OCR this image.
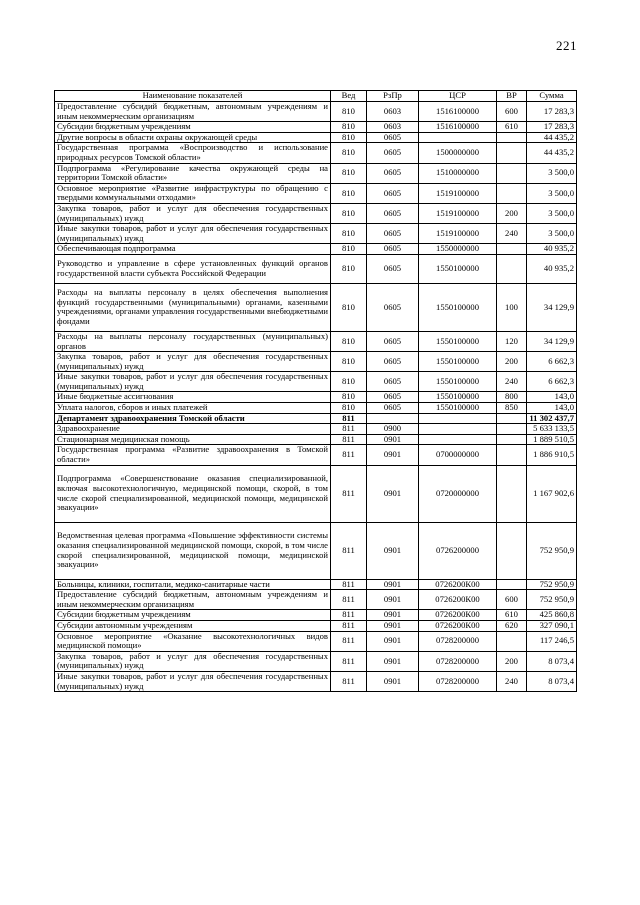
221
Наименование показателей	Вед	РзПр	ЦСР	ВР	Сумма
Предоставление субсидий бюджетным, автономным учреждениям и иным некоммерческим организациям	810	0603	1516100000	600	17 283,3
Субсидии бюджетным учреждениям	810	0603	1516100000	610	17 283,3
Другие вопросы в области охраны окружающей среды	810	0605			44 435,2
Государственная программа «Воспроизводство и использование природных ресурсов Томской области»	810	0605	1500000000		44 435,2
Подпрограмма «Регулирование качества окружающей среды на территории Томской области»	810	0605	1510000000		3 500,0
Основное мероприятие «Развитие инфраструктуры по обращению с твердыми коммунальными отходами»	810	0605	1519100000		3 500,0
Закупка товаров, работ и услуг для обеспечения государственных (муниципальных) нужд	810	0605	1519100000	200	3 500,0
Иные закупки товаров, работ и услуг для обеспечения государственных (муниципальных) нужд	810	0605	1519100000	240	3 500,0
Обеспечивающая подпрограмма	810	0605	1550000000		40 935,2
Руководство и управление в сфере установленных функций органов государственной власти субъекта Российской Федерации	810	0605	1550100000		40 935,2
Расходы на выплаты персоналу в целях обеспечения выполнения функций государственными (муниципальными) органами, казенными учреждениями, органами управления государственными внебюджетными фондами	810	0605	1550100000	100	34 129,9
Расходы на выплаты персоналу государственных (муниципальных) органов	810	0605	1550100000	120	34 129,9
Закупка товаров, работ и услуг для обеспечения государственных (муниципальных) нужд	810	0605	1550100000	200	6 662,3
Иные закупки товаров, работ и услуг для обеспечения государственных (муниципальных) нужд	810	0605	1550100000	240	6 662,3
Иные бюджетные ассигнования	810	0605	1550100000	800	143,0
Уплата налогов, сборов и иных платежей	810	0605	1550100000	850	143,0
Департамент здравоохранения Томской области	811				11 302 437,7
Здравоохранение	811	0900			5 633 133,5
Стационарная медицинская помощь	811	0901			1 889 510,5
Государственная программа «Развитие здравоохранения в Томской области»	811	0901	0700000000		1 886 910,5
Подпрограмма «Совершенствование оказания специализированной, включая высокотехнологичную, медицинской помощи, скорой, в том числе скорой специализированной, медицинской помощи, медицинской эвакуации»	811	0901	0720000000		1 167 902,6
Ведомственная целевая программа «Повышение эффективности системы оказания специализированной медицинской помощи, скорой, в том числе скорой специализированной, медицинской помощи, медицинской эвакуации»	811	0901	0726200000		752 950,9
Больницы, клиники, госпитали, медико-санитарные части	811	0901	0726200К00		752 950,9
Предоставление субсидий бюджетным, автономным учреждениям и иным некоммерческим организациям	811	0901	0726200К00	600	752 950,9
Субсидии бюджетным учреждениям	811	0901	0726200К00	610	425 860,8
Субсидии автономным учреждениям	811	0901	0726200К00	620	327 090,1
Основное мероприятие «Оказание высокотехнологичных видов медицинской помощи»	811	0901	0728200000		117 246,5
Закупка товаров, работ и услуг для обеспечения государственных (муниципальных) нужд	811	0901	0728200000	200	8 073,4
Иные закупки товаров, работ и услуг для обеспечения государственных (муниципальных) нужд	811	0901	0728200000	240	8 073,4
